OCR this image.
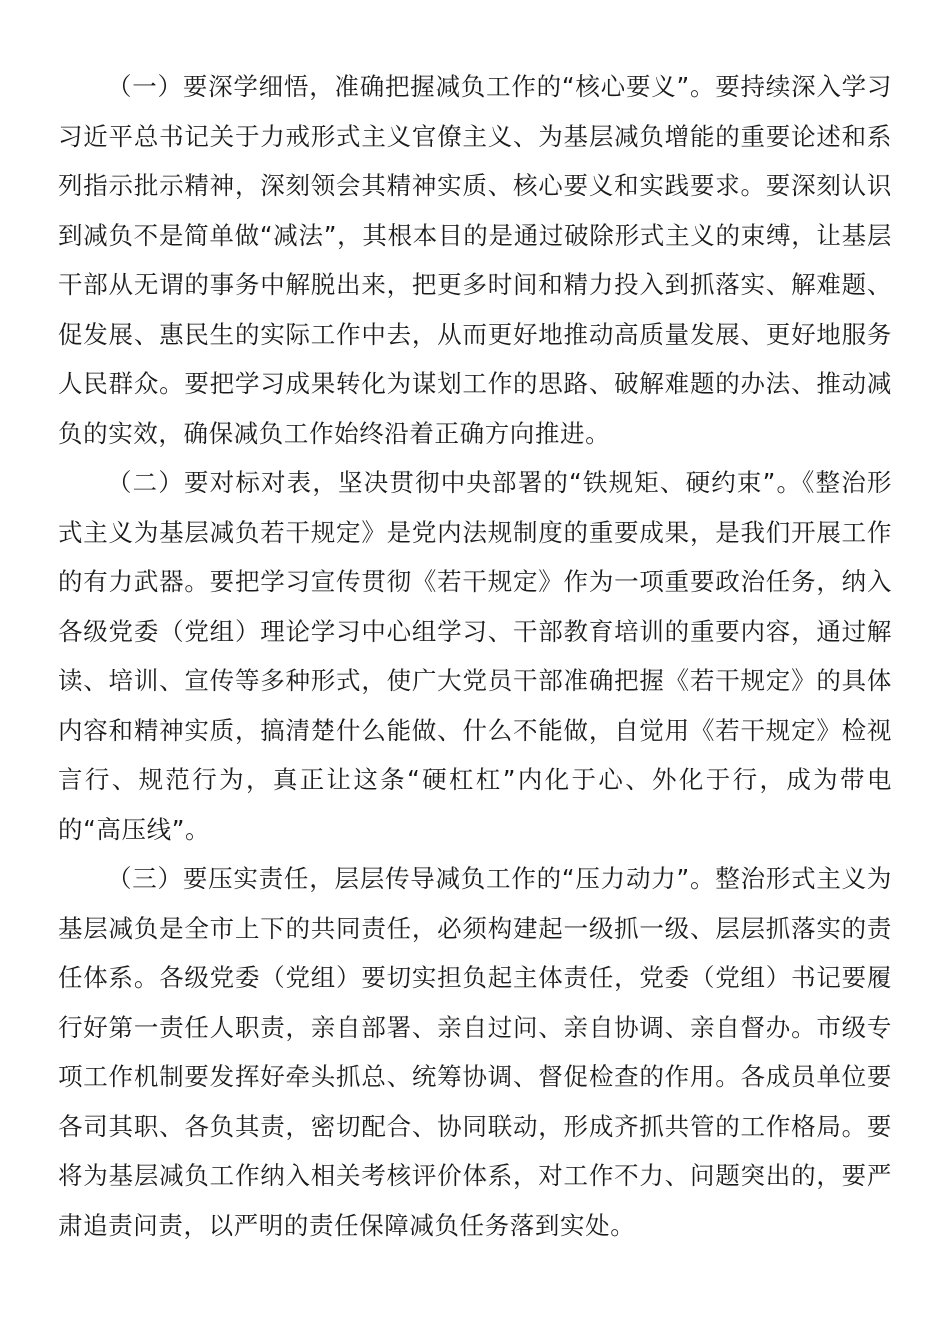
（一）要深学细悟，准确把握减负工作的“核心要义”。要持续深入学习习近平总书记关于力戒形式主义官僚主义、为基层减负增能的重要论述和系列指示批示精神，深刻领会其精神实质、核心要义和实践要求。要深刻认识到减负不是简单做“减法”，其根本目的是通过破除形式主义的束缚，让基层干部从无谓的事务中解脱出来，把更多时间和精力投入到抓落实、解难题、促发展、惠民生的实际工作中去，从而更好地推动高质量发展、更好地服务人民群众。要把学习成果转化为谋划工作的思路、破解难题的办法、推动减负的实效，确保减负工作始终沿着正确方向推进。

（二）要对标对表，坚决贯彻中央部署的“铁规矩、硬约束”。《整治形式主义为基层减负若干规定》是党内法规制度的重要成果，是我们开展工作的有力武器。要把学习宣传贯彻《若干规定》作为一项重要政治任务，纳入各级党委（党组）理论学习中心组学习、干部教育培训的重要内容，通过解读、培训、宣传等多种形式，使广大党员干部准确把握《若干规定》的具体内容和精神实质，搞清楚什么能做、什么不能做，自觉用《若干规定》检视言行、规范行为，真正让这条“硬杠杠”内化于心、外化于行，成为带电的“高压线”。

（三）要压实责任，层层传导减负工作的“压力动力”。整治形式主义为基层减负是全市上下的共同责任，必须构建起一级抓一级、层层抓落实的责任体系。各级党委（党组）要切实担负起主体责任，党委（党组）书记要履行好第一责任人职责，亲自部署、亲自过问、亲自协调、亲自督办。市级专项工作机制要发挥好牵头抓总、统筹协调、督促检查的作用。各成员单位要各司其职、各负其责，密切配合、协同联动，形成齐抓共管的工作格局。要将为基层减负工作纳入相关考核评价体系，对工作不力、问题突出的，要严肃追责问责，以严明的责任保障减负任务落到实处。
